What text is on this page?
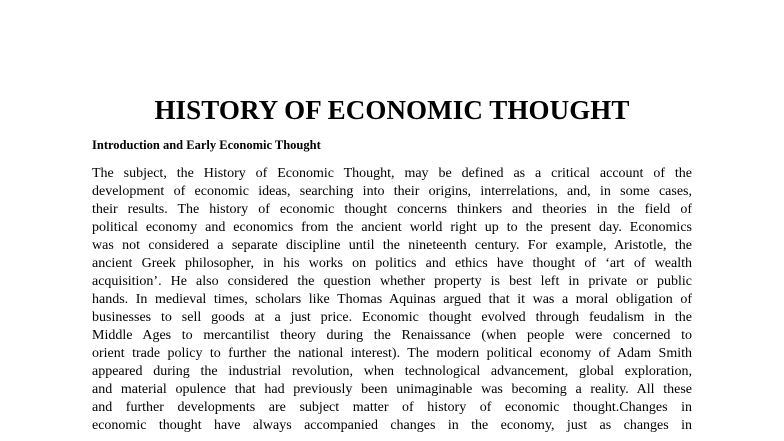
HISTORY OF ECONOMIC THOUGHT
Introduction and Early Economic Thought
The subject, the History of Economic Thought, may be defined as a critical account of the
development of economic ideas, searching into their origins, interrelations, and, in some cases,
their results. The history of economic thought concerns thinkers and theories in the field of
political economy and economics from the ancient world right up to the present day. Economics
was not considered a separate discipline until the nineteenth century. For example, Aristotle, the
ancient Greek philosopher, in his works on politics and ethics have thought of ‘art of wealth
acquisition’. He also considered the question whether property is best left in private or public
hands. In medieval times, scholars like Thomas Aquinas argued that it was a moral obligation of
businesses to sell goods at a just price. Economic thought evolved through feudalism in the
Middle Ages to mercantilist theory during the Renaissance (when people were concerned to
orient trade policy to further the national interest). The modern political economy of Adam Smith
appeared during the industrial revolution, when technological advancement, global exploration,
and material opulence that had previously been unimaginable was becoming a reality. All these
and further developments are subject matter of history of economic thought.Changes in
economic thought have always accompanied changes in the economy, just as changes in
